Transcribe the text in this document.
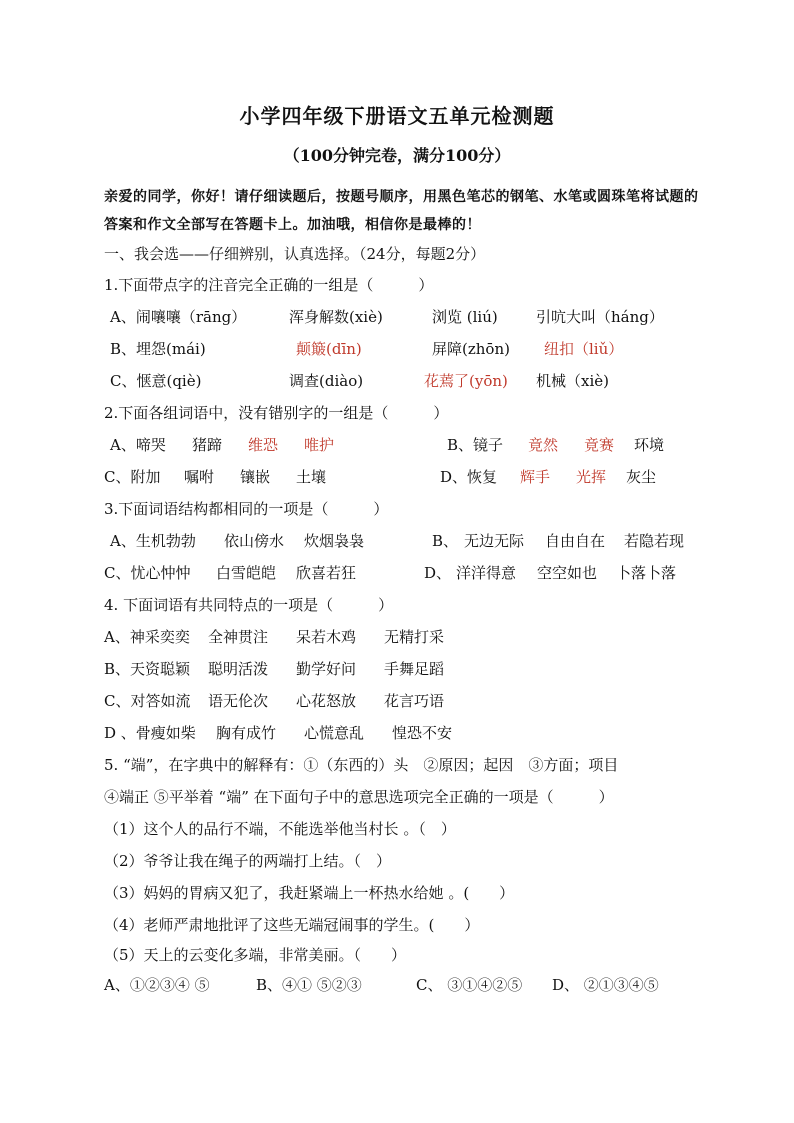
小学四年级下册语文五单元检测题
（100分钟完卷，满分100分）
亲爱的同学，你好！请仔细读题后，按题号顺序，用黑色笔芯的钢笔、水笔或圆珠笔将试题的答案和作文全部写在答题卡上。加油哦，相信你是最棒的！
一、我会选——仔细辨别，认真选择。（24分，每题2分）
1.下面带点字的注音完全正确的一组是（　　　）
A、闹嚷嚷（rāng）	浑身解数(xiè)	浏览 (liú)	引吭大叫（háng）
B、埋怨(mái)	颠簸(dīn)	屏障(zhōn) 纽扣（liǔ）
C、惬意(qiè)	调查(diào)	花蔫了(yōn) 机械（xiè)
2.下面各组词语中，没有错别字的一组是（　　　）
A、啼哭 猪蹄 维恐 唯护	B、镜子 竟然 竟赛 环境
C、附加 嘱咐 镶嵌 土壤	D、恢复 辉手 光挥 灰尘
3.下面词语结构都相同的一项是（　　　）
A、生机勃勃 依山傍水 炊烟袅袅	B、 无边无际 自由自在 若隐若现
C、忧心忡忡 白雪皑皑 欣喜若狂	D、 洋洋得意 空空如也 卜落卜落
4. 下面词语有共同特点的一项是（　　　）
A、神采奕奕 全神贯注 呆若木鸡 无精打采
B、天资聪颖 聪明活泼 勤学好问 手舞足蹈
C、对答如流 语无伦次 心花怒放 花言巧语
D 、骨瘦如柴 胸有成竹 心慌意乱 惶恐不安
5. “端”，在字典中的解释有：①（东西的）头　②原因；起因　③方面；项目
④端正 ⑤平举着 “端” 在下面句子中的意思选项完全正确的一项是（　　　）
（1）这个人的品行不端，不能选举他当村长 。（　）
（2）爷爷让我在绳子的两端打上结。（　）
（3）妈妈的胃病又犯了，我赶紧端上一杯热水给她 。(　　）
（4）老师严肃地批评了这些无端冠闹事的学生。(　　）
（5）天上的云变化多端，非常美丽。（　　）
A、①②③④ ⑤	B、④① ⑤②③	C、 ③①④②⑤ D、 ②①③④⑤
